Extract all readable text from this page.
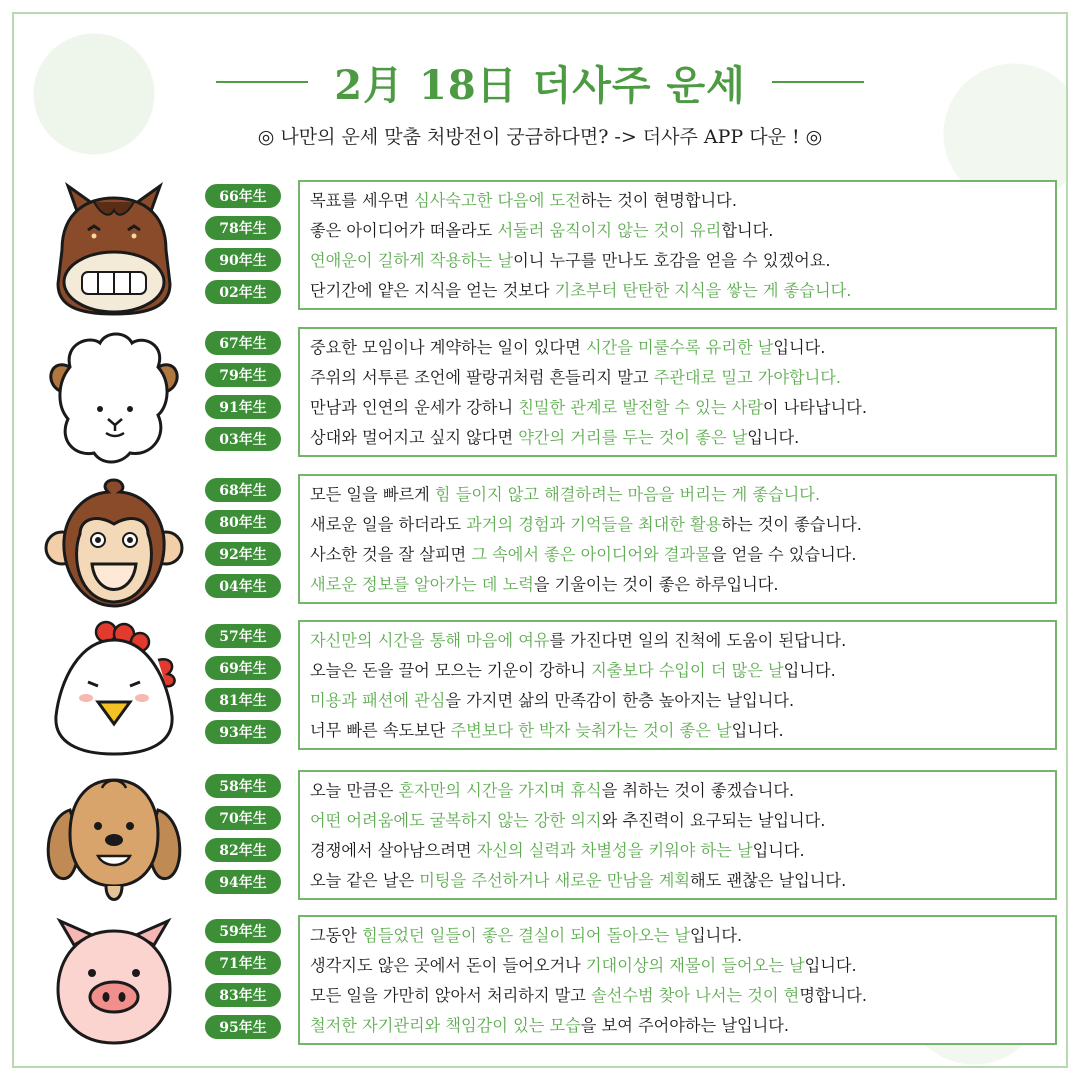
2月 18日 더사주 운세
◎ 나만의 운세 맞춤 처방전이 궁금하다면? -> 더사주 APP 다운 ! ◎
66年生
78年生
90年生
02年生
목표를 세우면 심사숙고한 다음에 도전하는 것이 현명합니다.
좋은 아이디어가 떠올라도 서둘러 움직이지 않는 것이 유리합니다.
연애운이 길하게 작용하는 날이니 누구를 만나도 호감을 얻을 수 있겠어요.
단기간에 얕은 지식을 얻는 것보다 기초부터 탄탄한 지식을 쌓는 게 좋습니다.
67年生
79年生
91年生
03年生
중요한 모임이나 계약하는 일이 있다면 시간을 미룰수록 유리한 날입니다.
주위의 서투른 조언에 팔랑귀처럼 흔들리지 말고 주관대로 밀고 가야합니다.
만남과 인연의 운세가 강하니 친밀한 관계로 발전할 수 있는 사람이 나타납니다.
상대와 멀어지고 싶지 않다면 약간의 거리를 두는 것이 좋은 날입니다.
68年生
80年生
92年生
04年生
모든 일을 빠르게 힘 들이지 않고 해결하려는 마음을 버리는 게 좋습니다.
새로운 일을 하더라도 과거의 경험과 기억들을 최대한 활용하는 것이 좋습니다.
사소한 것을 잘 살피면 그 속에서 좋은 아이디어와 결과물을 얻을 수 있습니다.
새로운 정보를 알아가는 데 노력을 기울이는 것이 좋은 하루입니다.
57年生
69年生
81年生
93年生
자신만의 시간을 통해 마음에 여유를 가진다면 일의 진척에 도움이 된답니다.
오늘은 돈을 끌어 모으는 기운이 강하니 지출보다 수입이 더 많은 날입니다.
미용과 패션에 관심을 가지면 삶의 만족감이 한층 높아지는 날입니다.
너무 빠른 속도보단 주변보다 한 박자 늦춰가는 것이 좋은 날입니다.
58年生
70年生
82年生
94年生
오늘 만큼은 혼자만의 시간을 가지며 휴식을 취하는 것이 좋겠습니다.
어떤 어려움에도 굴복하지 않는 강한 의지와 추진력이 요구되는 날입니다.
경쟁에서 살아남으려면 자신의 실력과 차별성을 키워야 하는 날입니다.
오늘 같은 날은 미팅을 주선하거나 새로운 만남을 계획해도 괜찮은 날입니다.
59年生
71年生
83年生
95年生
그동안 힘들었던 일들이 좋은 결실이 되어 돌아오는 날입니다.
생각지도 않은 곳에서 돈이 들어오거나 기대이상의 재물이 들어오는 날입니다.
모든 일을 가만히 앉아서 처리하지 말고 솔선수범 찾아 나서는 것이 현명합니다.
철저한 자기관리와 책임감이 있는 모습을 보여 주어야하는 날입니다.
